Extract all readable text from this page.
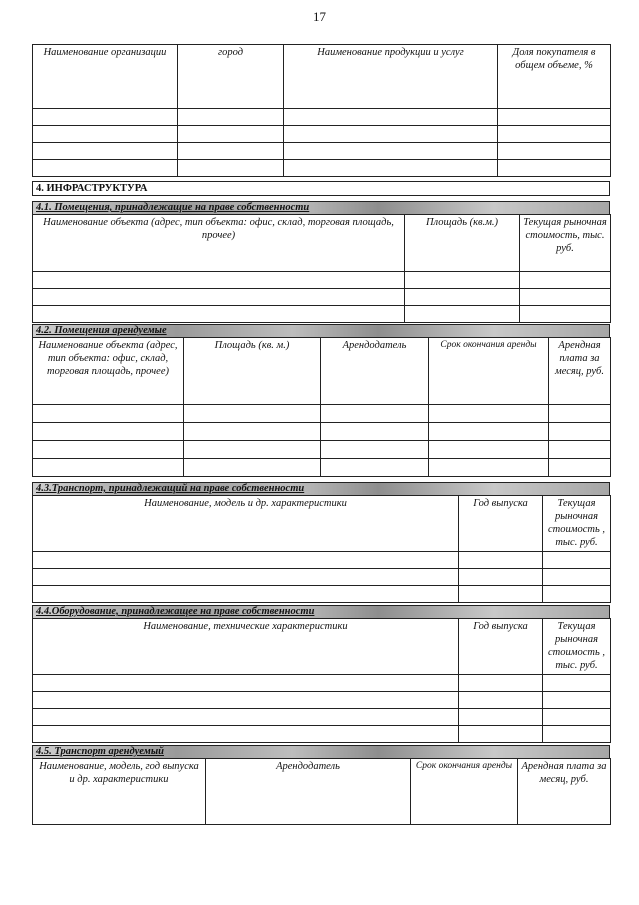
17
Наименование организации	город	Наименование продукции и услуг	Доля покупателя в общем объеме, %

4. ИНФРАСТРУКТУРА
4.1. Помещения, принадлежащие на праве собственности
Наименование объекта (адрес, тип объекта: офис, склад, торговая площадь, прочее)	Площадь (кв.м.)	Текущая рыночная стоимость, тыс. руб.

4.2. Помещения арендуемые
Наименование объекта (адрес, тип объекта: офис, склад, торговая площадь, прочее)	Площадь (кв. м.)	Арендодатель	Срок окончания аренды	Арендная плата за месяц, руб.

4.3.Транспорт, принадлежащий на праве собственности
Наименование, модель и др. характеристики	Год выпуска	Текущая рыночная стоимость , тыс. руб.

4.4.Оборудование, принадлежащее на праве собственности
Наименование, технические характеристики	Год выпуска	Текущая рыночная стоимость , тыс. руб.

4.5. Транспорт арендуемый
Наименование, модель, год выпуска и др. характеристики	Арендодатель	Срок окончания аренды	Арендная плата за месяц, руб.
